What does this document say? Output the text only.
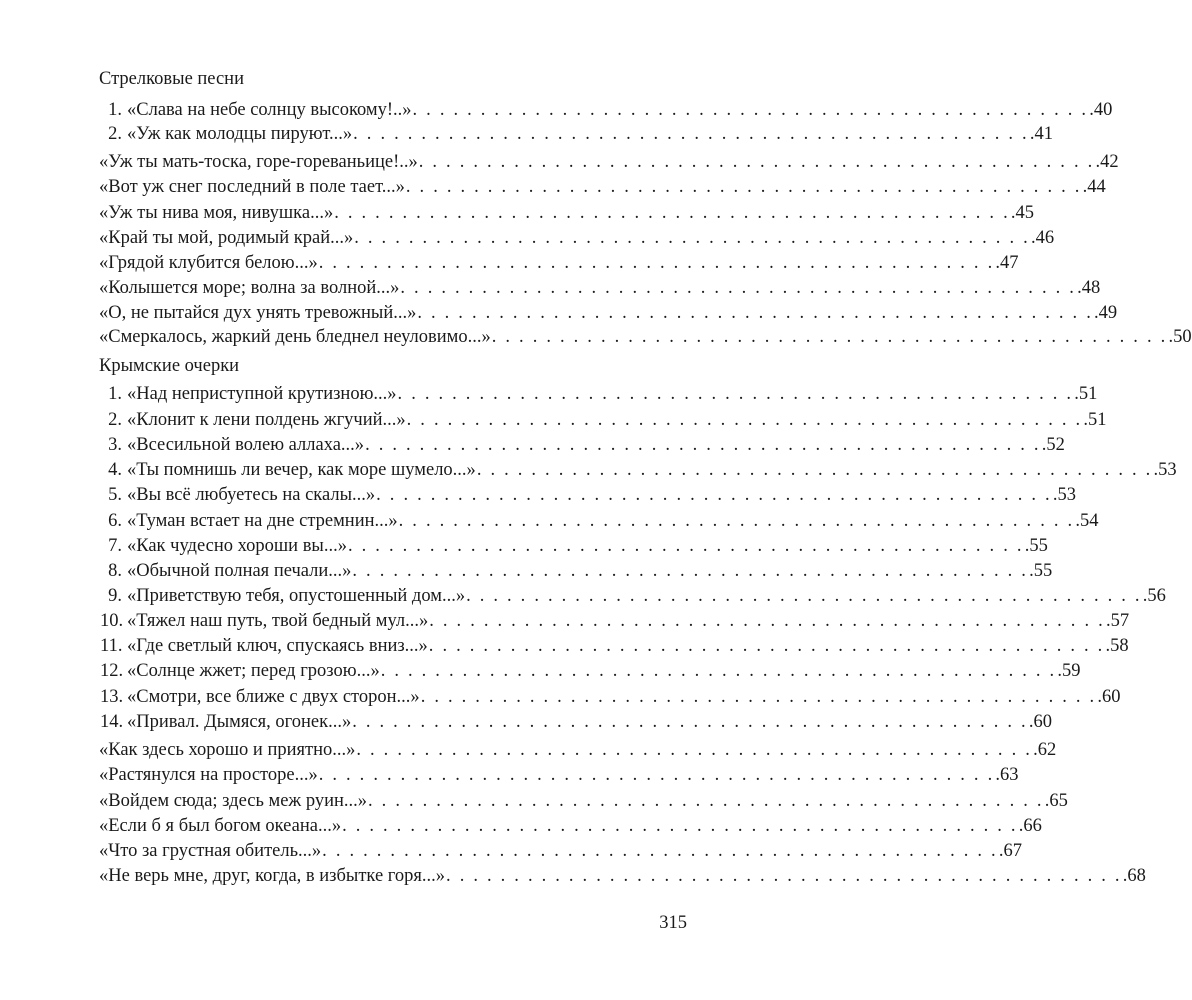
Стрелковые песни
1. «Слава на небе солнцу высокому!..» . . . . . . . . . . . . . . . . . . . . . . . . . . . . . . . . . . . . . . . . . . . . . . . . . . .40
2. «Уж как молодцы пируют...» . . . . . . . . . . . . . . . . . . . . . . . . . . . . . . . . . . . . . . . . . . . . . . . . . . .41
«Уж ты мать-тоска, горе-гореваньице!..» . . . . . . . . . . . . . . . . . . . . . . . . . . . . . . . . . . . . . . . . . . . . . . . . . . .42
«Вот уж снег последний в поле тает...» . . . . . . . . . . . . . . . . . . . . . . . . . . . . . . . . . . . . . . . . . . . . . . . . . . .44
«Уж ты нива моя, нивушка...» . . . . . . . . . . . . . . . . . . . . . . . . . . . . . . . . . . . . . . . . . . . . . . . . . . .45
«Край ты мой, родимый край...» . . . . . . . . . . . . . . . . . . . . . . . . . . . . . . . . . . . . . . . . . . . . . . . . . . .46
«Грядой клубится белою...» . . . . . . . . . . . . . . . . . . . . . . . . . . . . . . . . . . . . . . . . . . . . . . . . . . .47
«Колышется море; волна за волной...» . . . . . . . . . . . . . . . . . . . . . . . . . . . . . . . . . . . . . . . . . . . . . . . . . . .48
«О, не пытайся дух унять тревожный...» . . . . . . . . . . . . . . . . . . . . . . . . . . . . . . . . . . . . . . . . . . . . . . . . . . .49
«Смеркалось, жаркий день бледнел неуловимо...» . . . . . . . . . . . . . . . . . . . . . . . . . . . . . . . . . . . . . . . . . . . . . . . . . . .50
Крымские очерки
1. «Над неприступной крутизною...» . . . . . . . . . . . . . . . . . . . . . . . . . . . . . . . . . . . . . . . . . . . . . . . . . . .51
2. «Клонит к лени полдень жгучий...» . . . . . . . . . . . . . . . . . . . . . . . . . . . . . . . . . . . . . . . . . . . . . . . . . . .51
3. «Всесильной волею аллаха...» . . . . . . . . . . . . . . . . . . . . . . . . . . . . . . . . . . . . . . . . . . . . . . . . . . .52
4. «Ты помнишь ли вечер, как море шумело...» . . . . . . . . . . . . . . . . . . . . . . . . . . . . . . . . . . . . . . . . . . . . . . . . . . .53
5. «Вы всё любуетесь на скалы...» . . . . . . . . . . . . . . . . . . . . . . . . . . . . . . . . . . . . . . . . . . . . . . . . . . .53
6. «Туман встает на дне стремнин...» . . . . . . . . . . . . . . . . . . . . . . . . . . . . . . . . . . . . . . . . . . . . . . . . . . .54
7. «Как чудесно хороши вы...» . . . . . . . . . . . . . . . . . . . . . . . . . . . . . . . . . . . . . . . . . . . . . . . . . . .55
8. «Обычной полная печали...» . . . . . . . . . . . . . . . . . . . . . . . . . . . . . . . . . . . . . . . . . . . . . . . . . . .55
9. «Приветствую тебя, опустошенный дом...» . . . . . . . . . . . . . . . . . . . . . . . . . . . . . . . . . . . . . . . . . . . . . . . . . . .56
10. «Тяжел наш путь, твой бедный мул...» . . . . . . . . . . . . . . . . . . . . . . . . . . . . . . . . . . . . . . . . . . . . . . . . . . .57
11. «Где светлый ключ, спускаясь вниз...» . . . . . . . . . . . . . . . . . . . . . . . . . . . . . . . . . . . . . . . . . . . . . . . . . . .58
12. «Солнце жжет; перед грозою...» . . . . . . . . . . . . . . . . . . . . . . . . . . . . . . . . . . . . . . . . . . . . . . . . . . .59
13. «Смотри, все ближе с двух сторон...» . . . . . . . . . . . . . . . . . . . . . . . . . . . . . . . . . . . . . . . . . . . . . . . . . . .60
14. «Привал. Дымяся, огонек...» . . . . . . . . . . . . . . . . . . . . . . . . . . . . . . . . . . . . . . . . . . . . . . . . . . .60
«Как здесь хорошо и приятно...» . . . . . . . . . . . . . . . . . . . . . . . . . . . . . . . . . . . . . . . . . . . . . . . . . . .62
«Растянулся на просторе...» . . . . . . . . . . . . . . . . . . . . . . . . . . . . . . . . . . . . . . . . . . . . . . . . . . .63
«Войдем сюда; здесь меж руин...» . . . . . . . . . . . . . . . . . . . . . . . . . . . . . . . . . . . . . . . . . . . . . . . . . . .65
«Если б я был богом океана...» . . . . . . . . . . . . . . . . . . . . . . . . . . . . . . . . . . . . . . . . . . . . . . . . . . .66
«Что за грустная обитель...» . . . . . . . . . . . . . . . . . . . . . . . . . . . . . . . . . . . . . . . . . . . . . . . . . . .67
«Не верь мне, друг, когда, в избытке горя...» . . . . . . . . . . . . . . . . . . . . . . . . . . . . . . . . . . . . . . . . . . . . . . . . . . .68
315
